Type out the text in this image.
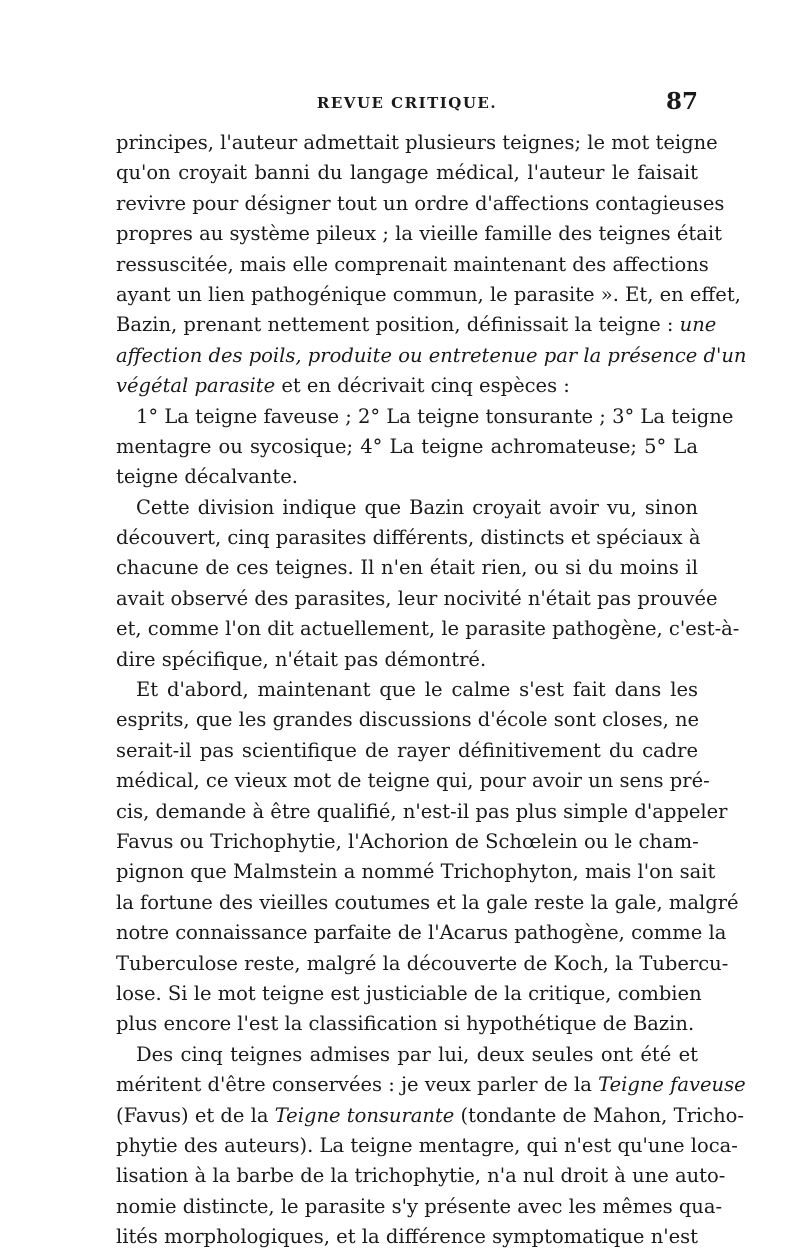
REVUE CRITIQUE.	87
principes, l'auteur admettait plusieurs teignes; le mot teigne
qu'on croyait banni du langage médical, l'auteur le faisait
revivre pour désigner tout un ordre d'affections contagieuses
propres au système pileux ; la vieille famille des teignes était
ressuscitée, mais elle comprenait maintenant des affections
ayant un lien pathogénique commun, le parasite ». Et, en effet,
Bazin, prenant nettement position, définissait la teigne : une
affection des poils, produite ou entretenue par la présence d'un
végétal parasite et en décrivait cinq espèces :
1° La teigne faveuse ; 2° La teigne tonsurante ; 3° La teigne
mentagre ou sycosique; 4° La teigne achromateuse; 5° La
teigne décalvante.
Cette division indique que Bazin croyait avoir vu, sinon
découvert, cinq parasites différents, distincts et spéciaux à
chacune de ces teignes. Il n'en était rien, ou si du moins il
avait observé des parasites, leur nocivité n'était pas prouvée
et, comme l'on dit actuellement, le parasite pathogène, c'est-à-
dire spécifique, n'était pas démontré.
Et d'abord, maintenant que le calme s'est fait dans les
esprits, que les grandes discussions d'école sont closes, ne
serait-il pas scientifique de rayer définitivement du cadre
médical, ce vieux mot de teigne qui, pour avoir un sens pré-
cis, demande à être qualifié, n'est-il pas plus simple d'appeler
Favus ou Trichophytie, l'Achorion de Schœlein ou le cham-
pignon que Malmstein a nommé Trichophyton, mais l'on sait
la fortune des vieilles coutumes et la gale reste la gale, malgré
notre connaissance parfaite de l'Acarus pathogène, comme la
Tuberculose reste, malgré la découverte de Koch, la Tubercu-
lose. Si le mot teigne est justiciable de la critique, combien
plus encore l'est la classification si hypothétique de Bazin.
Des cinq teignes admises par lui, deux seules ont été et
méritent d'être conservées : je veux parler de la Teigne faveuse
(Favus) et de la Teigne tonsurante (tondante de Mahon, Tricho-
phytie des auteurs). La teigne mentagre, qui n'est qu'une loca-
lisation à la barbe de la trichophytie, n'a nul droit à une auto-
nomie distincte, le parasite s'y présente avec les mêmes qua-
lités morphologiques, et la différence symptomatique n'est
